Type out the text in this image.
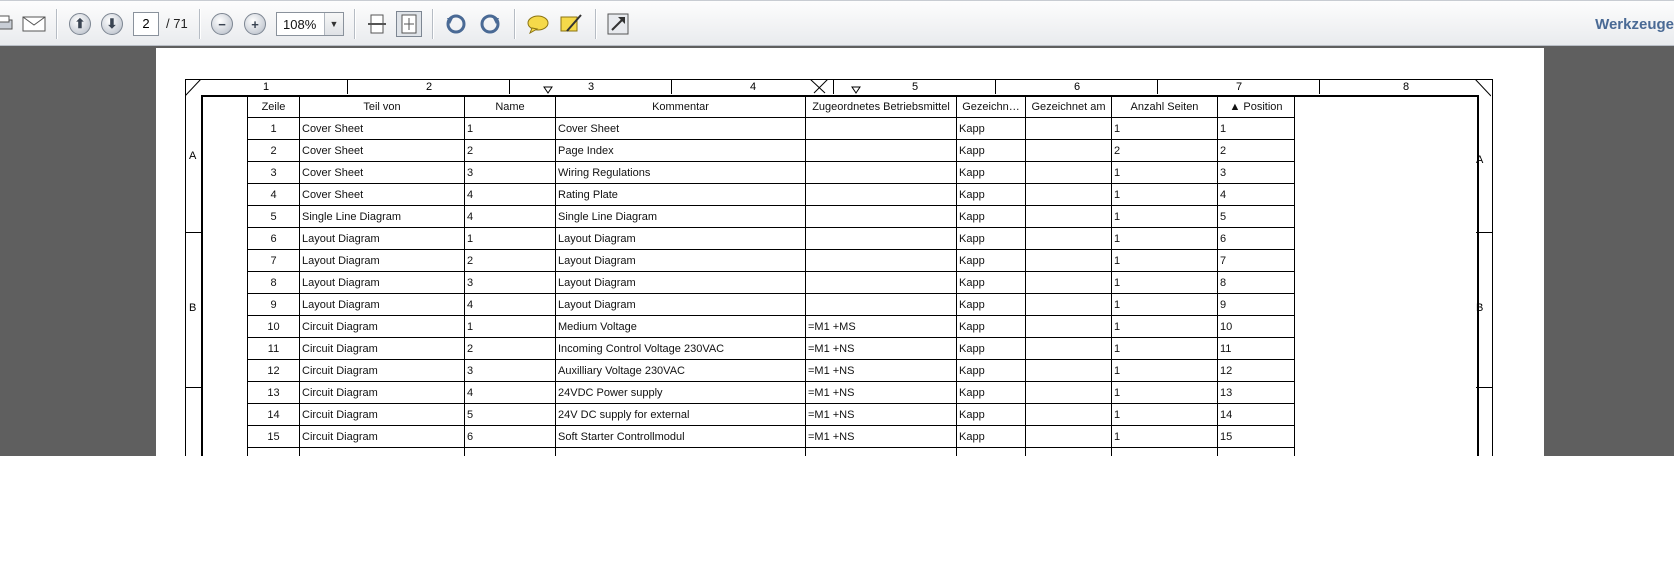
⬆	⬇	2	/ 71	−	+	108%	▼	Werkzeuge
1	2	3	4	5	6	7	8
A
B
A
B
Zeile	Teil von	Name	Kommentar	Zugeordnetes Betriebsmittel	Gezeichn…	Gezeichnet am	Anzahl Seiten	▲ Position
1	Cover Sheet	1	Cover Sheet		Kapp		1	1
2	Cover Sheet	2	Page Index		Kapp		2	2
3	Cover Sheet	3	Wiring Regulations		Kapp		1	3
4	Cover Sheet	4	Rating Plate		Kapp		1	4
5	Single Line Diagram	4	Single Line Diagram		Kapp		1	5
6	Layout Diagram	1	Layout Diagram		Kapp		1	6
7	Layout Diagram	2	Layout Diagram		Kapp		1	7
8	Layout Diagram	3	Layout Diagram		Kapp		1	8
9	Layout Diagram	4	Layout Diagram		Kapp		1	9
10	Circuit Diagram	1	Medium Voltage	=M1 +MS	Kapp		1	10
11	Circuit Diagram	2	Incoming Control Voltage 230VAC	=M1 +NS	Kapp		1	11
12	Circuit Diagram	3	Auxilliary Voltage 230VAC	=M1 +NS	Kapp		1	12
13	Circuit Diagram	4	24VDC Power supply	=M1 +NS	Kapp		1	13
14	Circuit Diagram	5	24V DC supply for external	=M1 +NS	Kapp		1	14
15	Circuit Diagram	6	Soft Starter Controllmodul	=M1 +NS	Kapp		1	15
